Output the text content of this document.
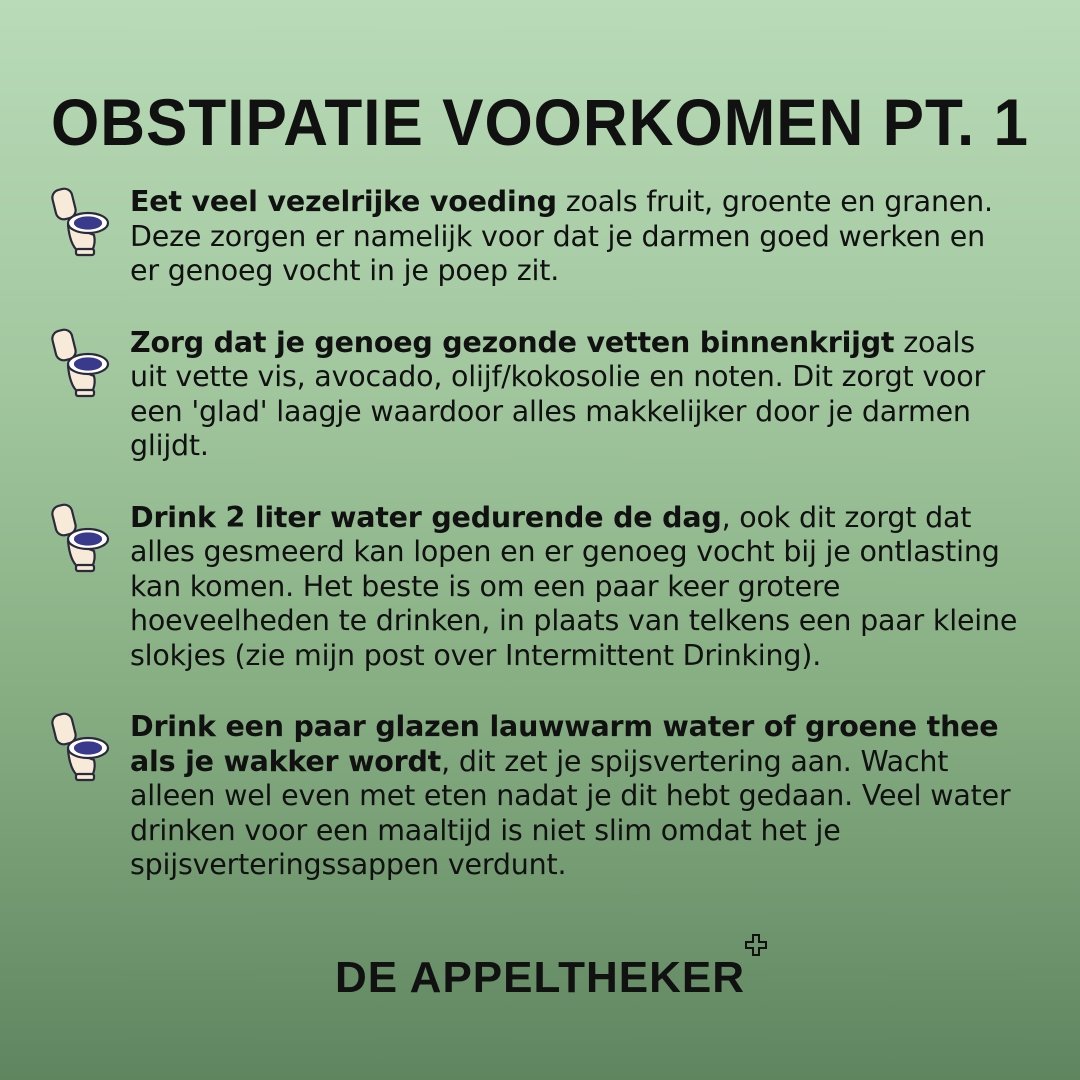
OBSTIPATIE VOORKOMEN PT. 1
Eet veel vezelrijke voeding zoals fruit, groente en granen. Deze zorgen er namelijk voor dat je darmen goed werken en er genoeg vocht in je poep zit.
Zorg dat je genoeg gezonde vetten binnenkrijgt zoals uit vette vis, avocado, olijf/kokosolie en noten. Dit zorgt voor een 'glad' laagje waardoor alles makkelijker door je darmen glijdt.
Drink 2 liter water gedurende de dag, ook dit zorgt dat alles gesmeerd kan lopen en er genoeg vocht bij je ontlasting kan komen. Het beste is om een paar keer grotere hoeveelheden te drinken, in plaats van telkens een paar kleine slokjes (zie mijn post over Intermittent Drinking).
Drink een paar glazen lauwwarm water of groene thee als je wakker wordt, dit zet je spijsvertering aan. Wacht alleen wel even met eten nadat je dit hebt gedaan. Veel water drinken voor een maaltijd is niet slim omdat het je spijsverteringssappen verdunt.
DE APPELTHEKER
